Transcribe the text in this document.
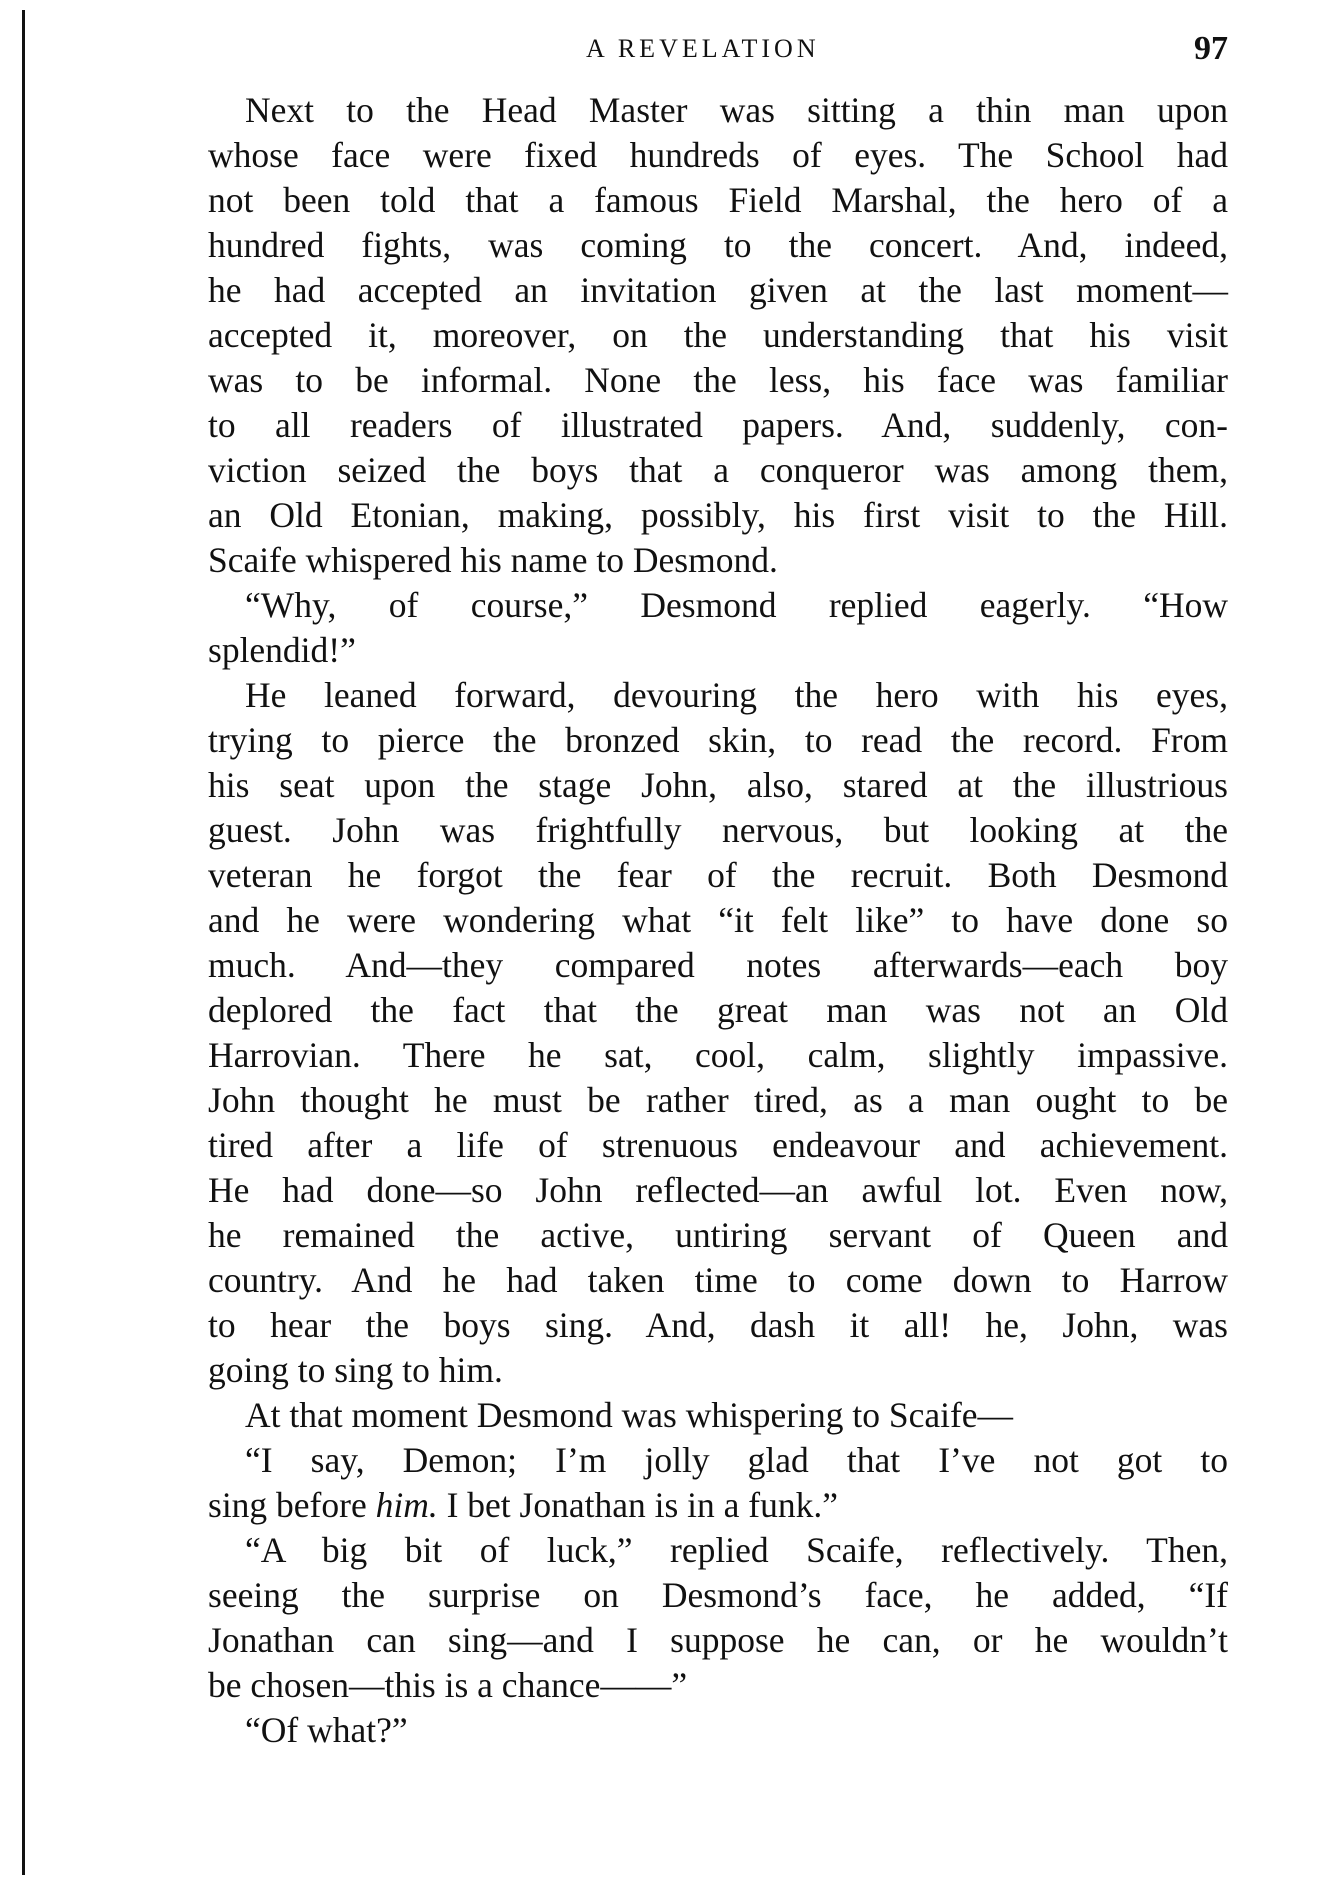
A REVELATION	97
Next to the Head Master was sitting a thin man upon
whose face were fixed hundreds of eyes. The School had
not been told that a famous Field Marshal, the hero of a
hundred fights, was coming to the concert. And, indeed,
he had accepted an invitation given at the last moment—
accepted it, moreover, on the understanding that his visit
was to be informal. None the less, his face was familiar
to all readers of illustrated papers. And, suddenly, con-
viction seized the boys that a conqueror was among them,
an Old Etonian, making, possibly, his first visit to the Hill.
Scaife whispered his name to Desmond.
“Why, of course,” Desmond replied eagerly. “How
splendid!”
He leaned forward, devouring the hero with his eyes,
trying to pierce the bronzed skin, to read the record. From
his seat upon the stage John, also, stared at the illustrious
guest. John was frightfully nervous, but looking at the
veteran he forgot the fear of the recruit. Both Desmond
and he were wondering what “it felt like” to have done so
much. And—they compared notes afterwards—each boy
deplored the fact that the great man was not an Old
Harrovian. There he sat, cool, calm, slightly impassive.
John thought he must be rather tired, as a man ought to be
tired after a life of strenuous endeavour and achievement.
He had done—so John reflected—an awful lot. Even now,
he remained the active, untiring servant of Queen and
country. And he had taken time to come down to Harrow
to hear the boys sing. And, dash it all! he, John, was
going to sing to him.
At that moment Desmond was whispering to Scaife—
“I say, Demon; I’m jolly glad that I’ve not got to
sing before him. I bet Jonathan is in a funk.”
“A big bit of luck,” replied Scaife, reflectively. Then,
seeing the surprise on Desmond’s face, he added, “If
Jonathan can sing—and I suppose he can, or he wouldn’t
be chosen—this is a chance——”
“Of what?”
